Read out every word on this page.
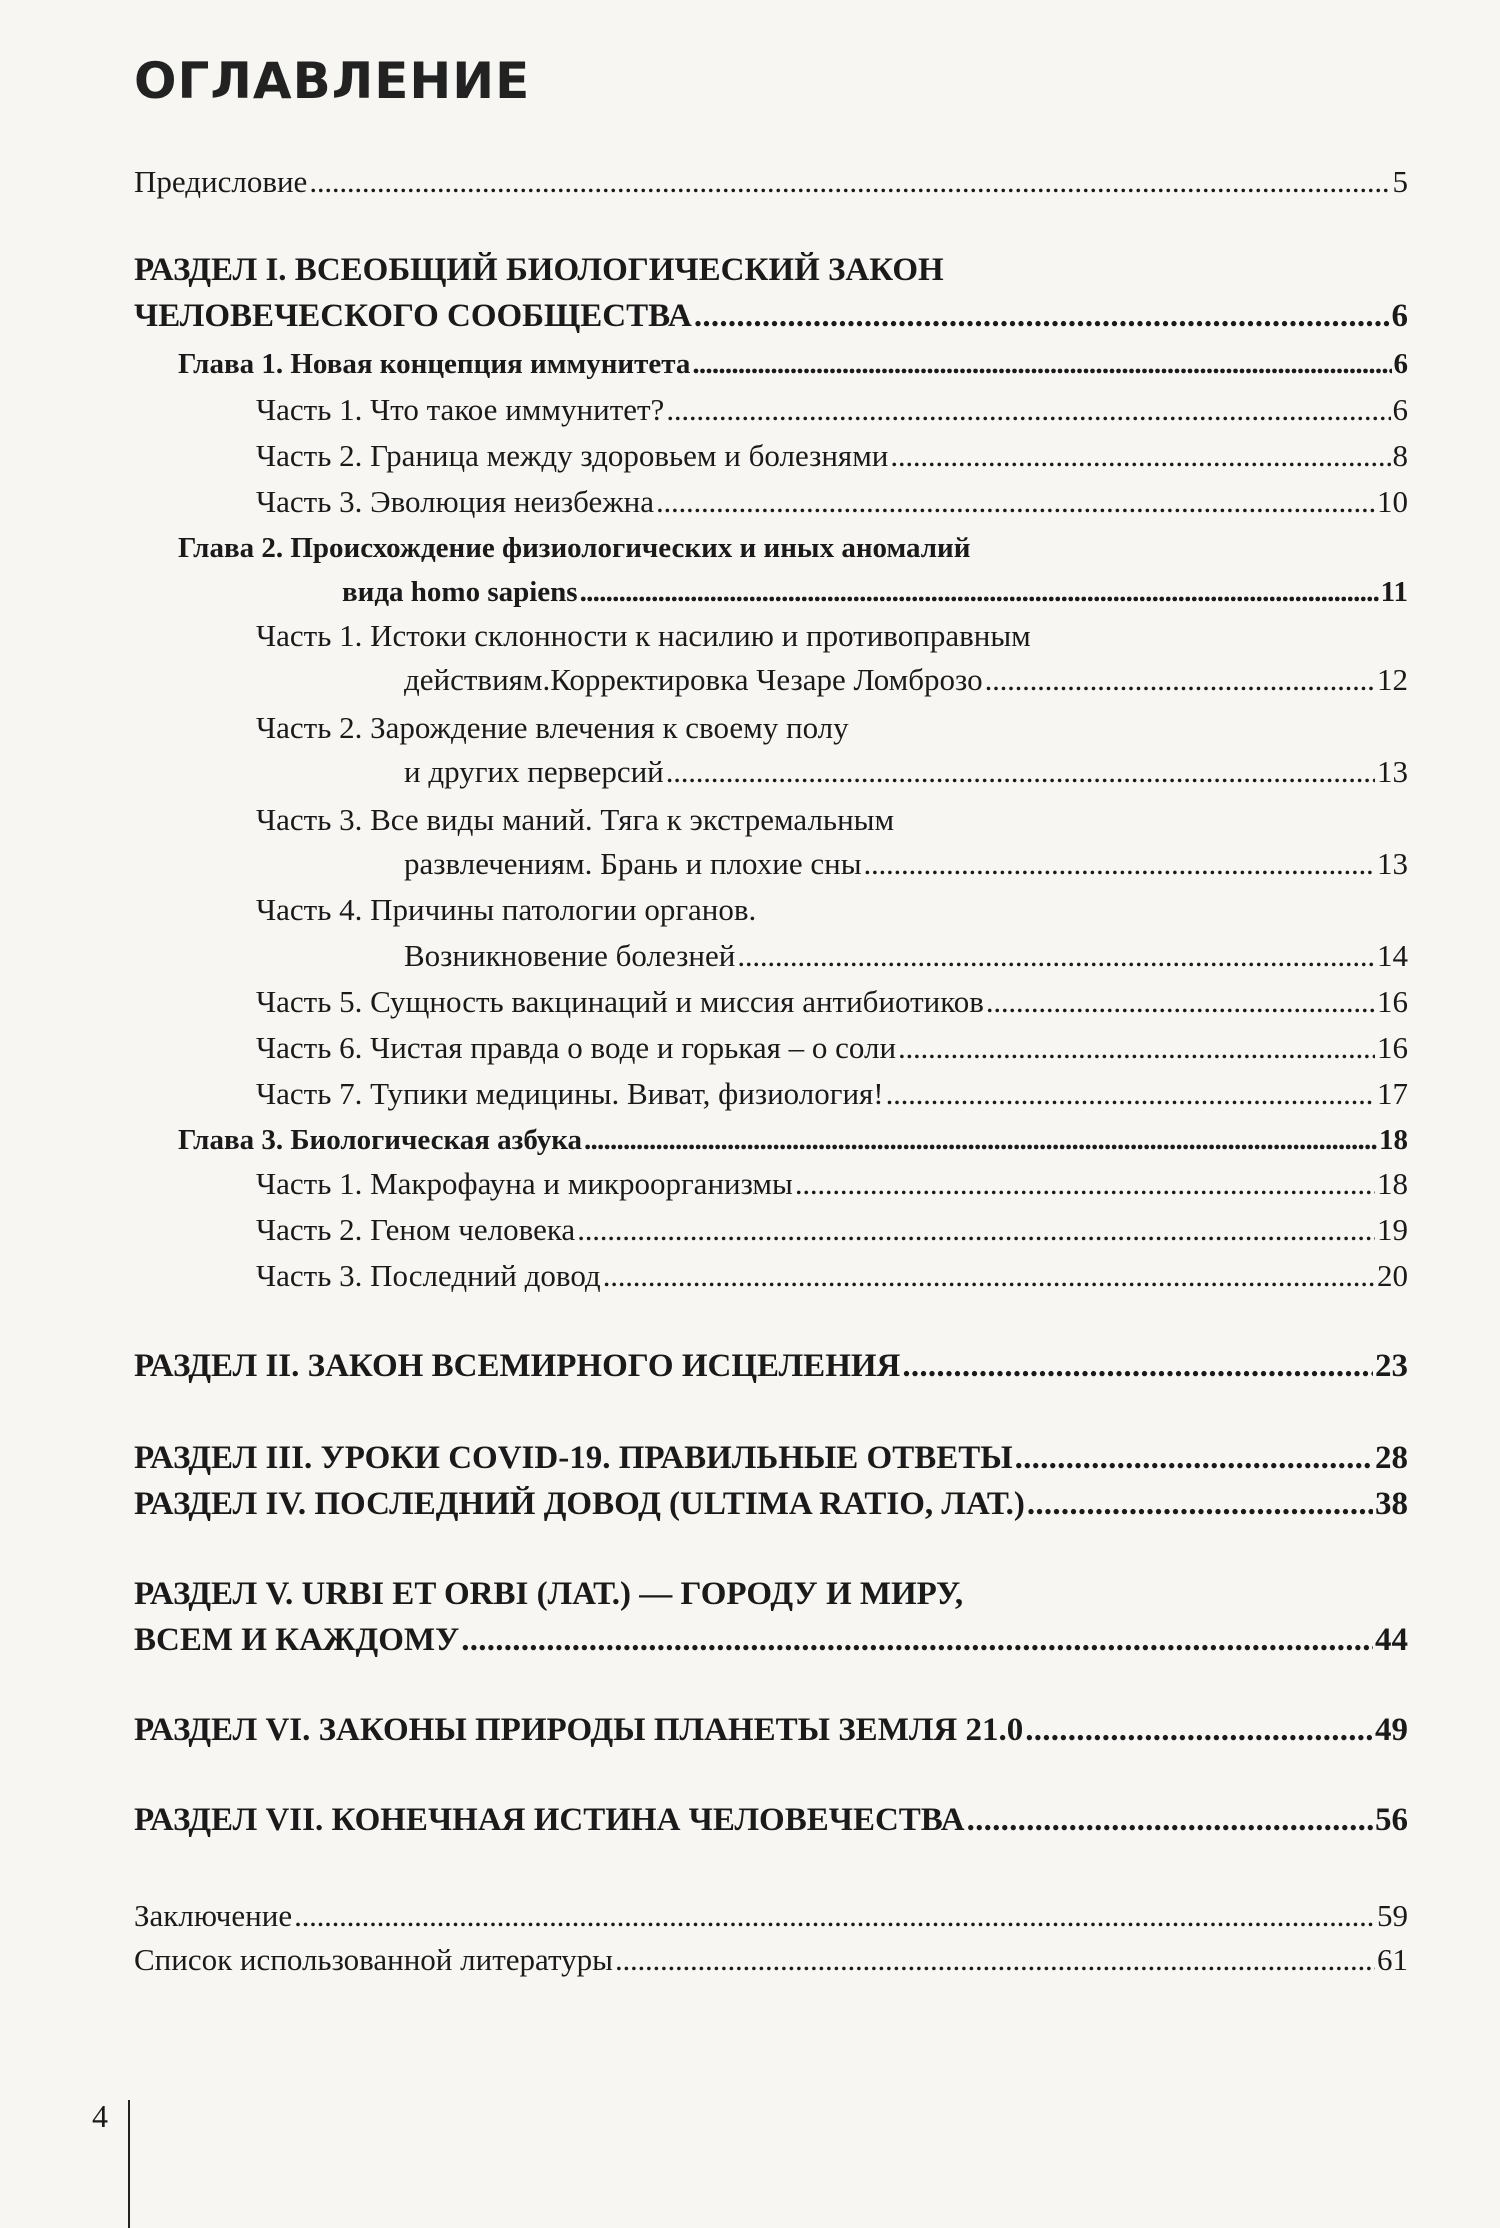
ОГЛАВЛЕНИЕ
Предисловие . . .	5
РАЗДЕЛ I. ВСЕОБЩИЙ БИОЛОГИЧЕСКИЙ ЗАКОН
ЧЕЛОВЕЧЕСКОГО СООБЩЕСТВА . . .	6
Глава 1. Новая концепция иммунитета . . .	6
Часть 1. Что такое иммунитет? . . .	6
Часть 2. Граница между здоровьем и болезнями . . .	8
Часть 3. Эволюция неизбежна . . .	10
Глава 2. Происхождение физиологических и иных аномалий
вида homo sapiens . . .	11
Часть 1. Истоки склонности к насилию и противоправным
действиям.Корректировка Чезаре Ломброзо . . .	12
Часть 2. Зарождение влечения к своему полу
и других перверсий . . .	13
Часть 3. Все виды маний. Тяга к экстремальным
развлечениям. Брань и плохие сны . . .	13
Часть 4. Причины патологии органов.
Возникновение болезней . . .	14
Часть 5. Сущность вакцинаций и миссия антибиотиков . . .	16
Часть 6. Чистая правда о воде и горькая – о соли . . .	16
Часть 7. Тупики медицины. Виват, физиология! . . .	17
Глава 3. Биологическая азбука . . .	18
Часть 1. Макрофауна и микроорганизмы . . .	18
Часть 2. Геном человека . . .	19
Часть 3. Последний довод . . .	20
РАЗДЕЛ II. ЗАКОН ВСЕМИРНОГО ИСЦЕЛЕНИЯ . . .	23
РАЗДЕЛ III. УРОКИ COVID-19. ПРАВИЛЬНЫЕ ОТВЕТЫ . . .	28
РАЗДЕЛ IV. ПОСЛЕДНИЙ ДОВОД (ULTIMA RATIO, ЛАТ.) . . .	38
РАЗДЕЛ V. URBI ET ORBI (ЛАТ.) — ГОРОДУ И МИРУ,
ВСЕМ И КАЖДОМУ . . .	44
РАЗДЕЛ VI. ЗАКОНЫ ПРИРОДЫ ПЛАНЕТЫ ЗЕМЛЯ 21.0 . . .	49
РАЗДЕЛ VII. КОНЕЧНАЯ ИСТИНА ЧЕЛОВЕЧЕСТВА . . .	56
Заключение . . .	59
Список использованной литературы . . .	61
4
